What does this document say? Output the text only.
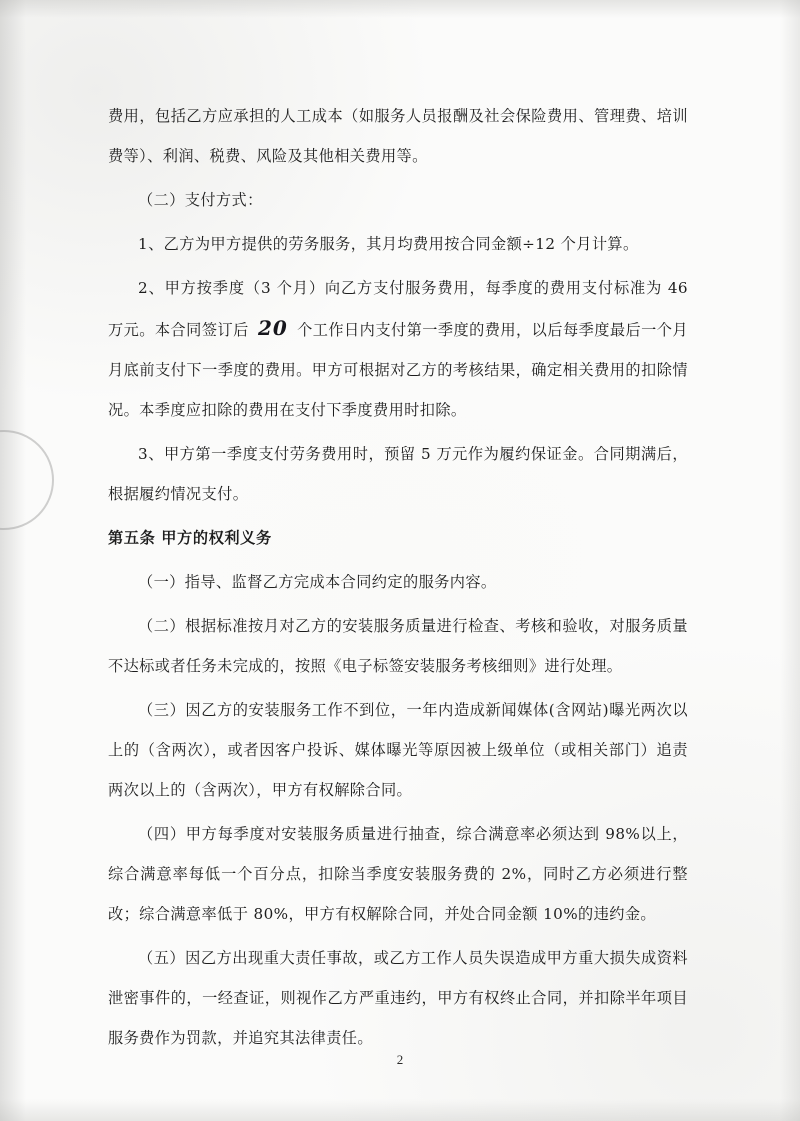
费用，包括乙方应承担的人工成本（如服务人员报酬及社会保险费用、管理费、培训费等）、利润、税费、风险及其他相关费用等。

（二）支付方式：

1、乙方为甲方提供的劳务服务，其月均费用按合同金额÷12 个月计算。

2、甲方按季度（3 个月）向乙方支付服务费用，每季度的费用支付标准为 46 万元。本合同签订后 20 个工作日内支付第一季度的费用，以后每季度最后一个月月底前支付下一季度的费用。甲方可根据对乙方的考核结果，确定相关费用的扣除情况。本季度应扣除的费用在支付下季度费用时扣除。

3、甲方第一季度支付劳务费用时，预留 5 万元作为履约保证金。合同期满后，根据履约情况支付。

第五条 甲方的权利义务

（一）指导、监督乙方完成本合同约定的服务内容。

（二）根据标准按月对乙方的安装服务质量进行检查、考核和验收，对服务质量不达标或者任务未完成的，按照《电子标签安装服务考核细则》进行处理。

（三）因乙方的安装服务工作不到位，一年内造成新闻媒体(含网站)曝光两次以上的（含两次），或者因客户投诉、媒体曝光等原因被上级单位（或相关部门）追责两次以上的（含两次），甲方有权解除合同。

（四）甲方每季度对安装服务质量进行抽查，综合满意率必须达到 98%以上，综合满意率每低一个百分点，扣除当季度安装服务费的 2%，同时乙方必须进行整改；综合满意率低于 80%，甲方有权解除合同，并处合同金额 10%的违约金。

（五）因乙方出现重大责任事故，或乙方工作人员失误造成甲方重大损失成资料泄密事件的，一经查证，则视作乙方严重违约，甲方有权终止合同，并扣除半年项目服务费作为罚款，并追究其法律责任。

2
